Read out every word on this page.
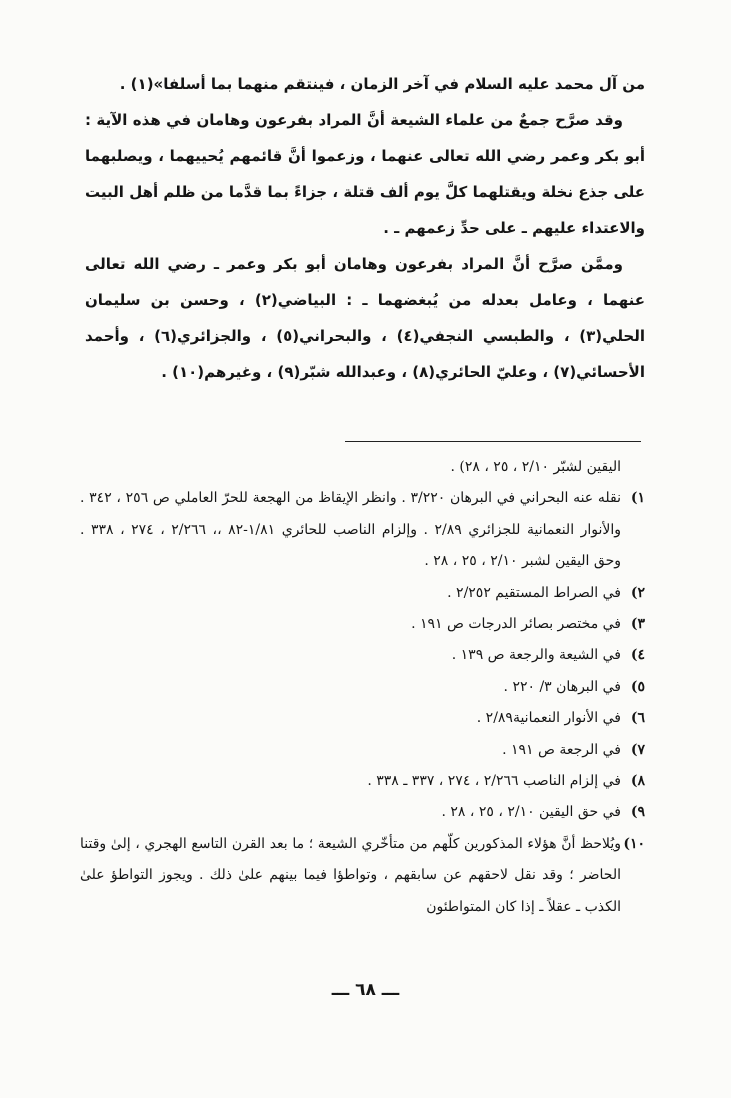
من آل محمد عليه السلام في آخر الزمان ، فينتقم منهما بما أسلفا»(١) .

وقد صرَّح جمعٌ من علماء الشيعة أنَّ المراد بفرعون وهامان في هذه الآية : أبو بكر وعمر رضي الله تعالى عنهما ، وزعموا أنَّ قائمهم يُحييهما ، ويصلبهما على جذع نخلة ويقتلهما كلَّ يوم ألف قتلة ، جزاءً بما قدَّما من ظلم أهل البيت والاعتداء عليهم ـ على حدِّ زعمهم ـ .

وممَّن صرَّح أنَّ المراد بفرعون وهامان أبو بكر وعمر ـ رضي الله تعالى عنهما ، وعامل بعدله من يُبغضهما ـ : البياضي(٢) ، وحسن بن سليمان الحلي(٣) ، والطبسي النجفي(٤) ، والبحراني(٥) ، والجزائري(٦) ، وأحمد الأحسائي(٧) ، وعليّ الحائري(٨) ، وعبدالله شبّر(٩) ، وغيرهم(١٠) .

اليقين لشبّر ٢/١٠ ، ٢٥ ، ٢٨) .
١)
نقله عنه البحراني في البرهان ٣/٢٢٠ . وانظر الإيقاظ من الهجعة للحرّ العاملي ص ٢٥٦ ، ٣٤٢ . والأنوار النعمانية للجزائري ٢/٨٩ . وإلزام الناصب للحائري ١/٨١-٨٢ ،، ٢/٢٦٦ ، ٢٧٤ ، ٣٣٨ . وحق اليقين لشبر ٢/١٠ ، ٢٥ ، ٢٨ .
٢)
في الصراط المستقيم ٢/٢٥٢ .
٣)
في مختصر بصائر الدرجات ص ١٩١ .
٤)
في الشيعة والرجعة ص ١٣٩ .
٥)
في البرهان ٣/ ٢٢٠ .
٦)
في الأنوار النعمانية٢/٨٩ .
٧)
في الرجعة ص ١٩١ .
٨)
في إلزام الناصب ٢/٢٦٦ ، ٢٧٤ ، ٣٣٧ ـ ٣٣٨ .
٩)
في حق اليقين ٢/١٠ ، ٢٥ ، ٢٨ .
١٠)
ويُلاحظ أنَّ هؤلاء المذكورين كلّهم من متأخّري الشيعة ؛ ما بعد القرن التاسع الهجري ، إلىٰ وقتنا الحاضر ؛ وقد نقل لاحقهم عن سابقهم ، وتواطؤا فيما بينهم علىٰ ذلك . ويجوز التواطؤ علىٰ الكذب ـ عقلاً ـ إذا كان المتواطئون
ـــ ٦٨ ـــ
